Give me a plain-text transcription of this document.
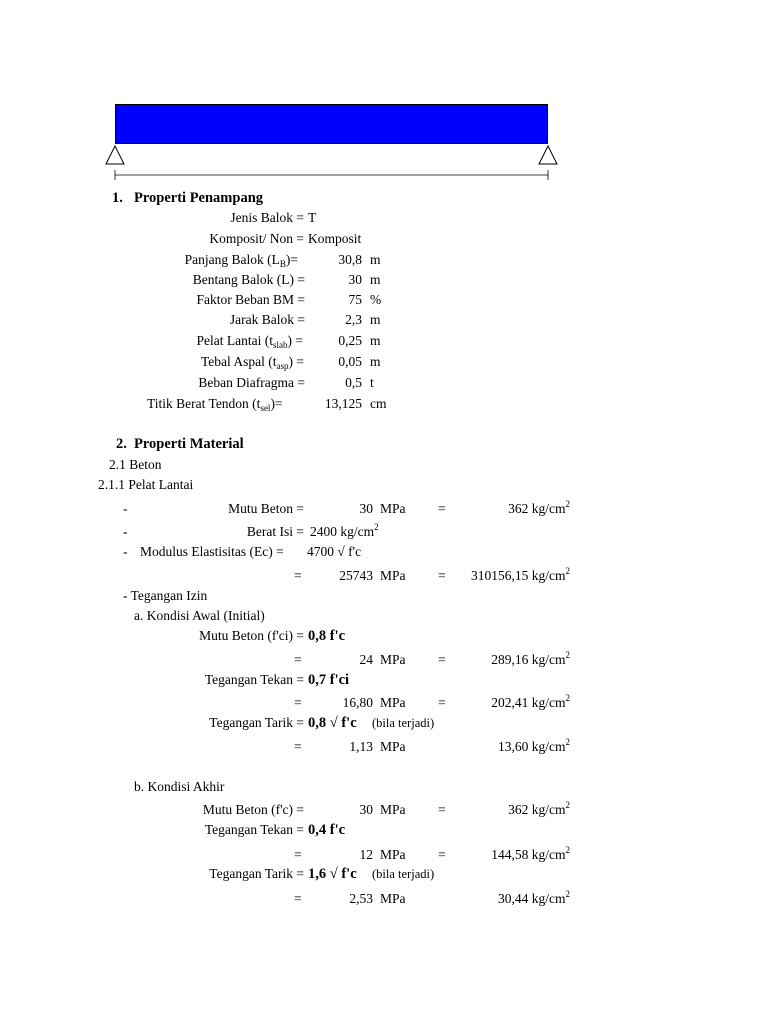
1. Properti Penampang
Jenis Balok = T
Komposit/ Non = Komposit
Panjang Balok $(L_B)=$	30,8 m
Bentang Balok (L) =	30 m
Faktor Beban BM =	75 %
Jarak Balok =	2,3 m
Pelat Lantai $(t_{slab})$ =	0,25 m
Tebal Aspal $(t_{asp})$ =	0,05 m
Beban Diafragma =	0,5 t
Titik Berat Tendon $(t_{sel})=$	13,125 cm
2. Properti Material
2.1 Beton
2.1.1 Pelat Lantai
-	Mutu Beton =	30 MPa =	362 $kg/cm^2$
-	Berat Isi = 2400 $kg/cm^2$
- Modulus Elastisitas (Ec) = 4700 √ f'c
=	25743 MPa = 310156,15 $kg/cm^2$
- Tegangan Izin
a. Kondisi Awal (Initial)
Mutu Beton (f'ci) = 0,8 f'c
=	24 MPa =	289,16 $kg/cm^2$
Tegangan Tekan = 0,7 f'ci
=	16,80 MPa =	202,41 $kg/cm^2$
Tegangan Tarik = 0,8 √ f'c (bila terjadi)
=	1,13 MPa	13,60 $kg/cm^2$
b. Kondisi Akhir
Mutu Beton (f'c) =	30 MPa =	362 $kg/cm^2$
Tegangan Tekan = 0,4 f'c
=	12 MPa =	144,58 $kg/cm^2$
Tegangan Tarik = 1,6 √ f'c (bila terjadi)
=	2,53 MPa	30,44 $kg/cm^2$
